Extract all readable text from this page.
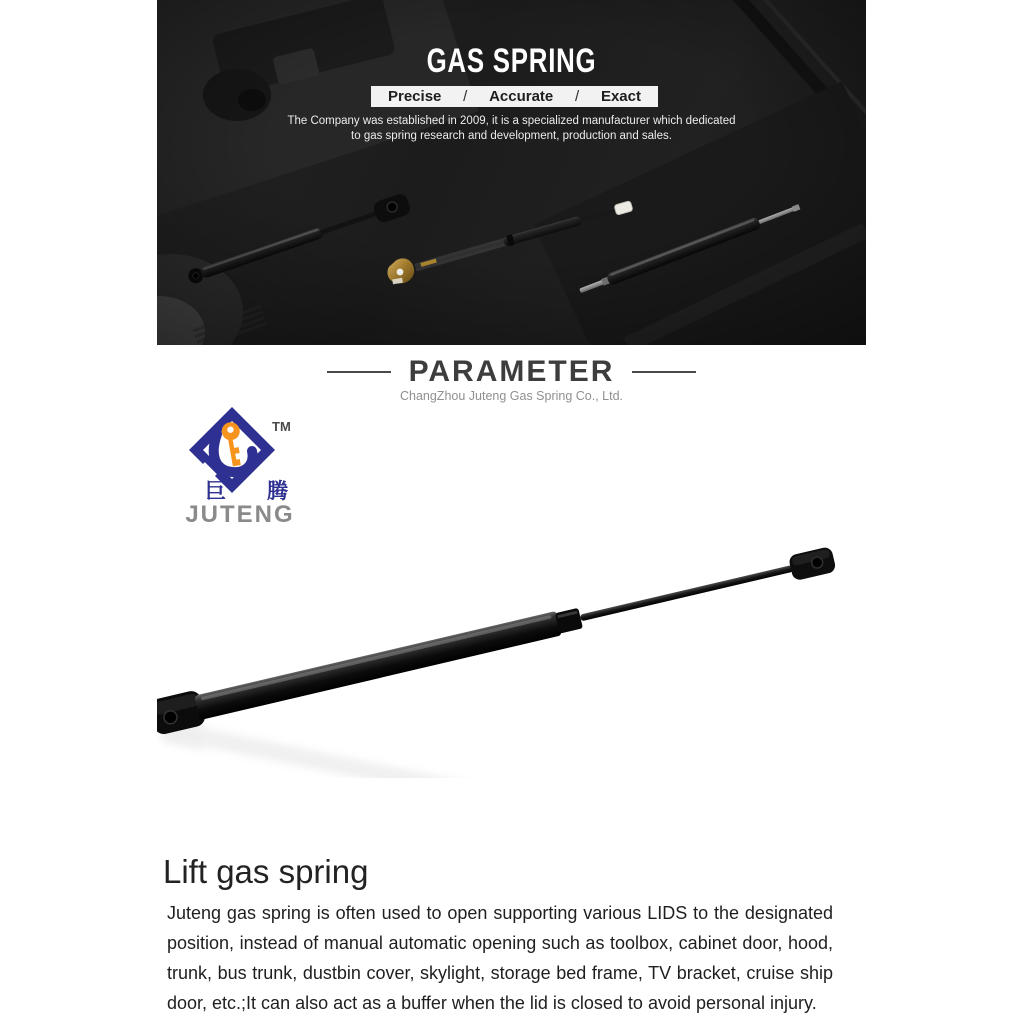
GAS SPRING
Precise / Accurate / Exact
The Company was established in 2009, it is a specialized manufacturer which dedicated
to gas spring research and development, production and sales.
PARAMETER
ChangZhou Juteng Gas Spring Co., Ltd.
TM
巨 腾
JUTENG
Lift gas spring
Juteng gas spring is often used to open supporting various LIDS to the designated
position, instead of manual automatic opening such as toolbox, cabinet door, hood,
trunk, bus trunk, dustbin cover, skylight, storage bed frame, TV bracket, cruise ship
door, etc.;It can also act as a buffer when the lid is closed to avoid personal injury.
